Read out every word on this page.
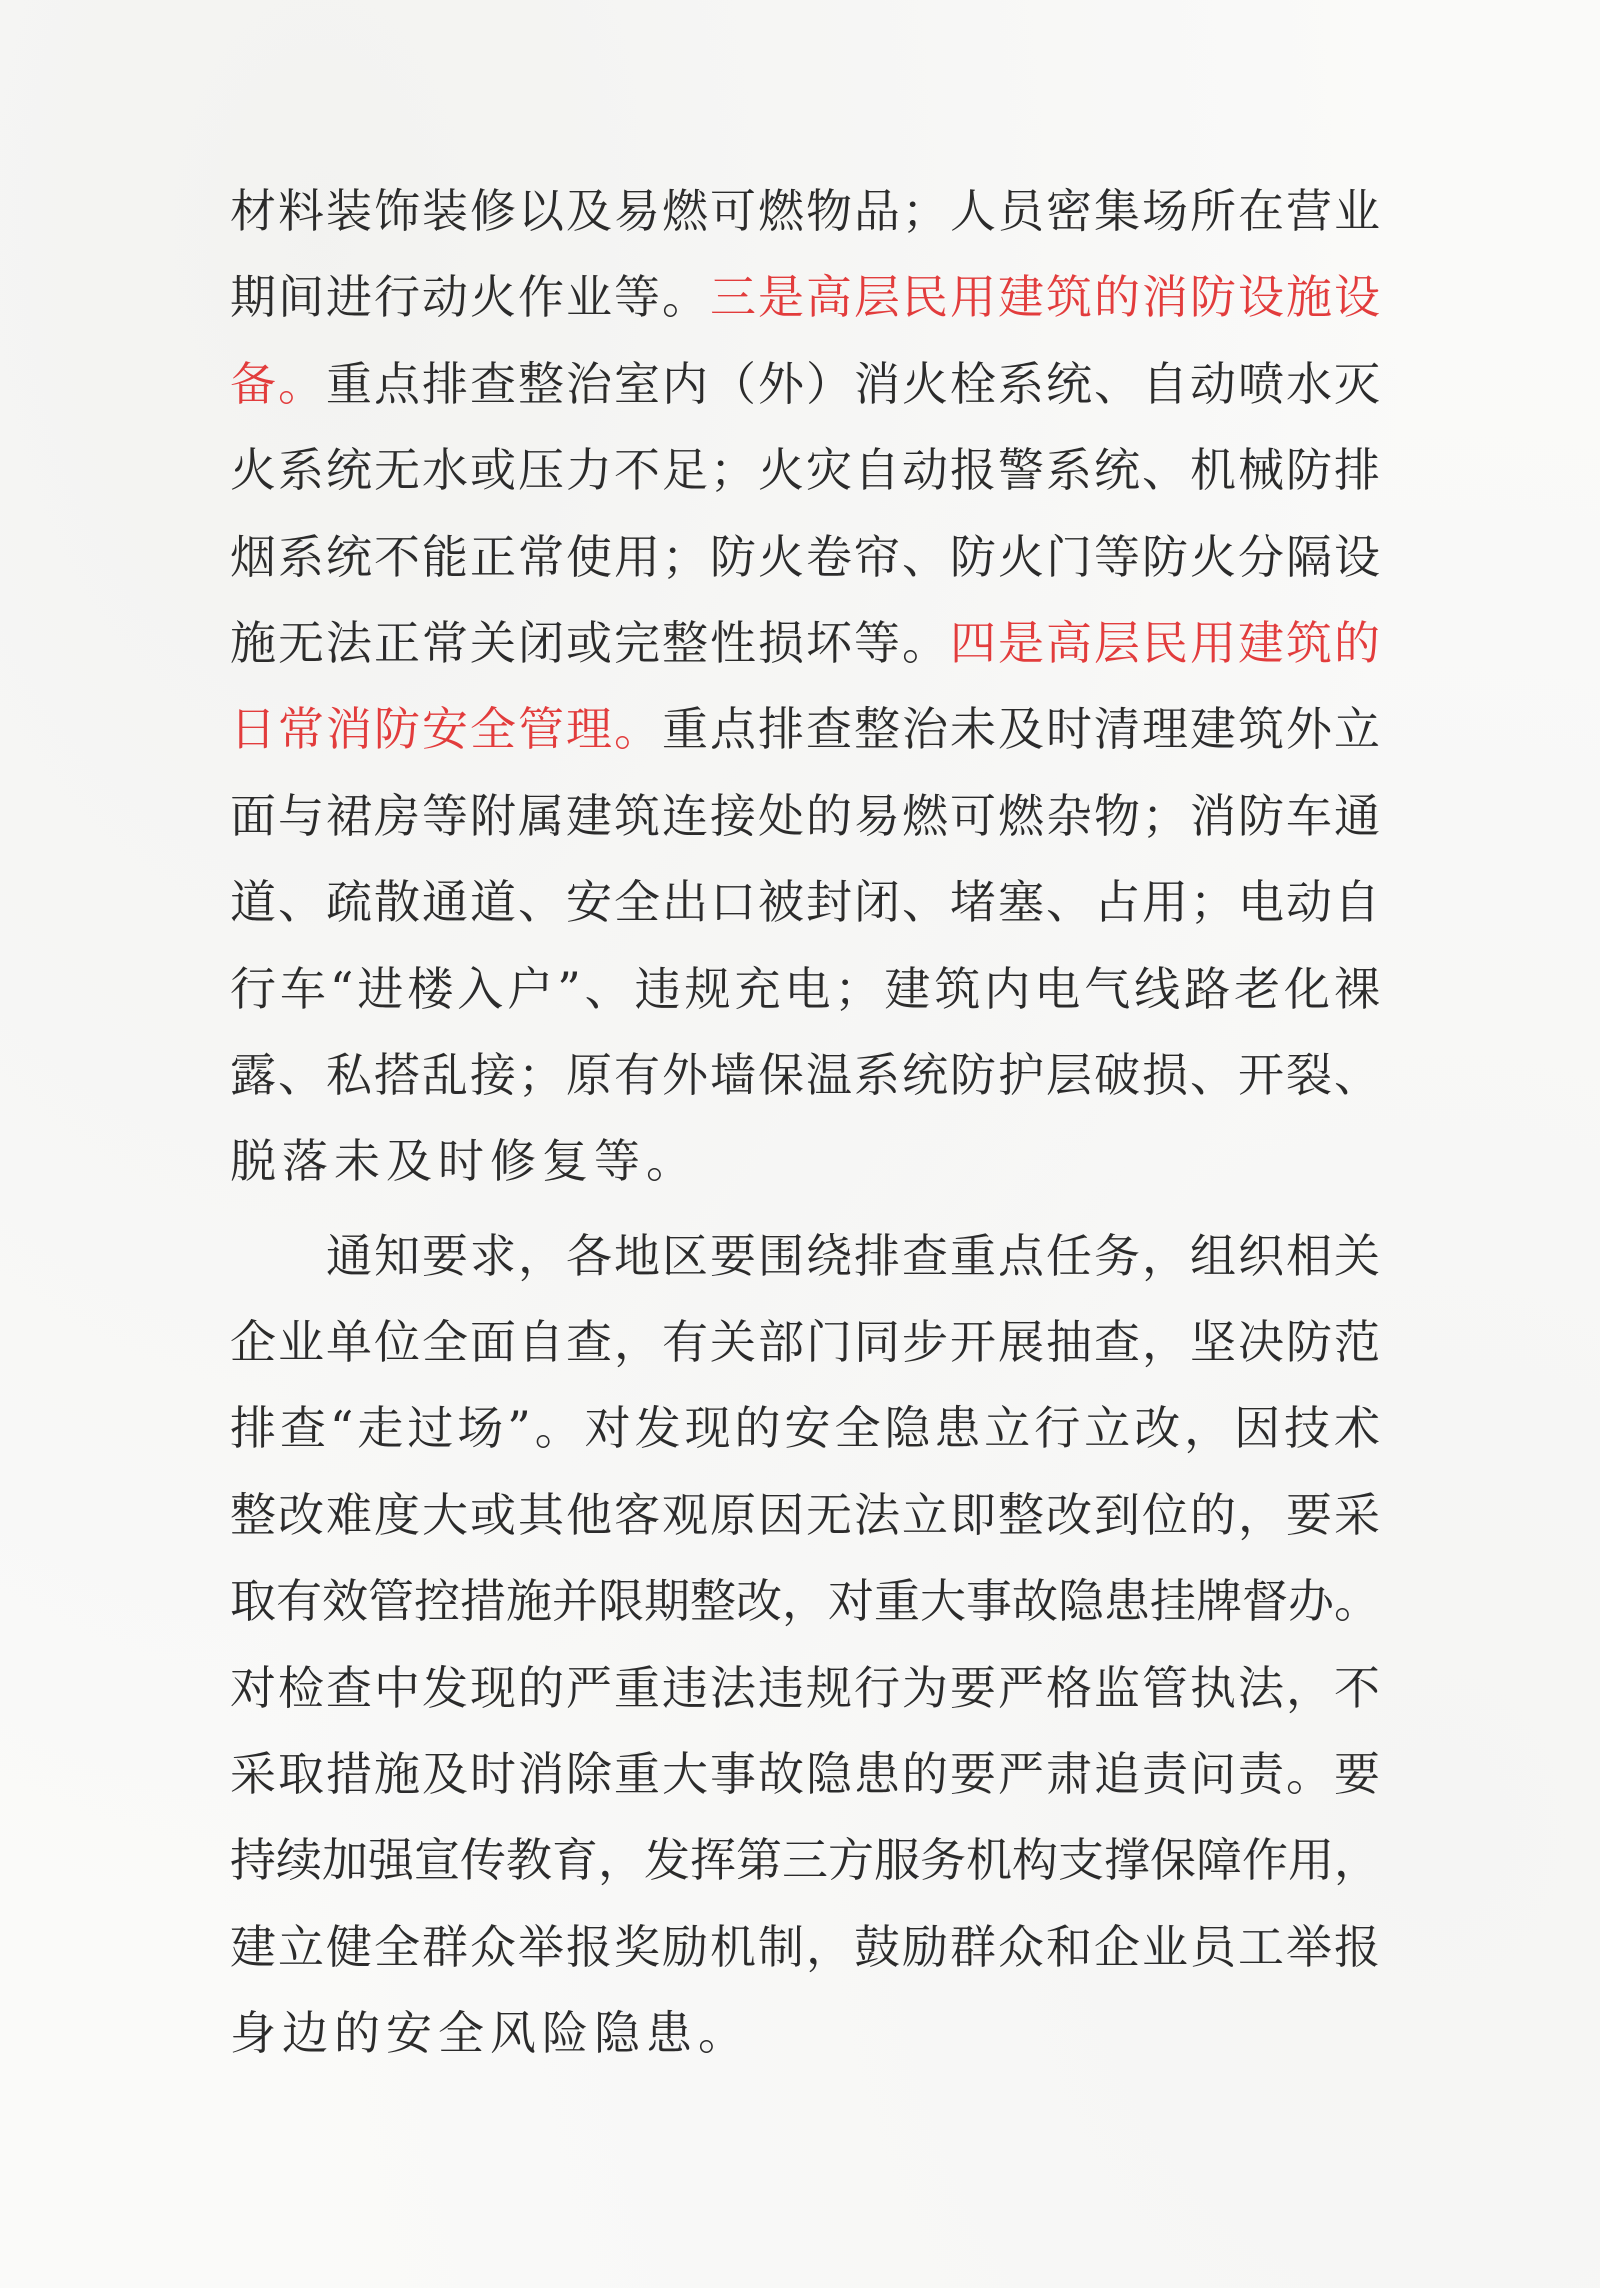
材料装饰装修以及易燃可燃物品；人员密集场所在营业
期间进行动火作业等。三是高层民用建筑的消防设施设
备。重点排查整治室内（外）消火栓系统、自动喷水灭
火系统无水或压力不足；火灾自动报警系统、机械防排
烟系统不能正常使用；防火卷帘、防火门等防火分隔设
施无法正常关闭或完整性损坏等。四是高层民用建筑的
日常消防安全管理。重点排查整治未及时清理建筑外立
面与裙房等附属建筑连接处的易燃可燃杂物；消防车通
道、疏散通道、安全出口被封闭、堵塞、占用；电动自
行车“进楼入户”、违规充电；建筑内电气线路老化裸
露、私搭乱接；原有外墙保温系统防护层破损、开裂、
脱落未及时修复等。
通知要求，各地区要围绕排查重点任务，组织相关
企业单位全面自查，有关部门同步开展抽查，坚决防范
排查“走过场”。对发现的安全隐患立行立改，因技术
整改难度大或其他客观原因无法立即整改到位的，要采
取有效管控措施并限期整改，对重大事故隐患挂牌督办。
对检查中发现的严重违法违规行为要严格监管执法，不
采取措施及时消除重大事故隐患的要严肃追责问责。要
持续加强宣传教育，发挥第三方服务机构支撑保障作用，
建立健全群众举报奖励机制，鼓励群众和企业员工举报
身边的安全风险隐患。
